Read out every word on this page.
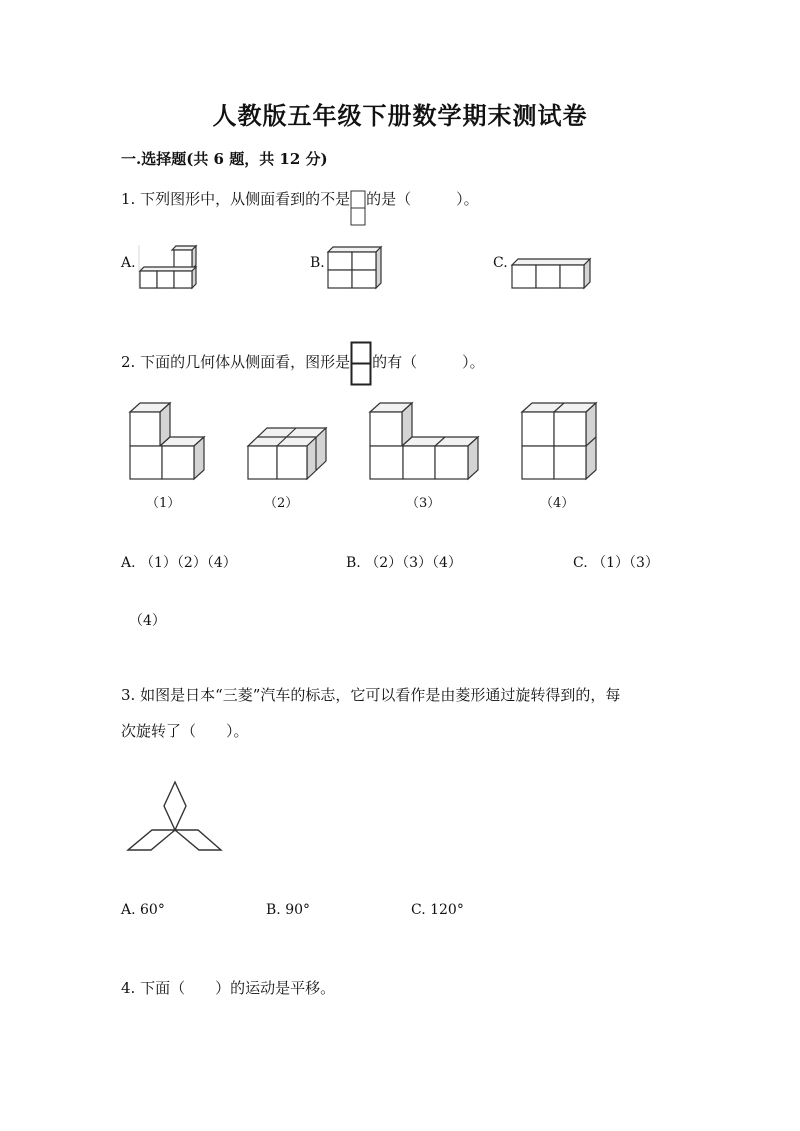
人教版五年级下册数学期末测试卷
一.选择题(共 6 题，共 12 分)
1. 下列图形中，从侧面看到的不是 的是（　　　）。
A.	B.	C.
2. 下面的几何体从侧面看，图形是 的有（　　　）。
（1）	（2）	（3）	（4）
A. （1）（2）（4）	B. （2）（3）（4）	C. （1）（3）
（4）
3. 如图是日本“三菱”汽车的标志，它可以看作是由菱形通过旋转得到的，每
次旋转了（　　）。
A. 60°	B. 90°	C. 120°
4. 下面（　　）的运动是平移。
